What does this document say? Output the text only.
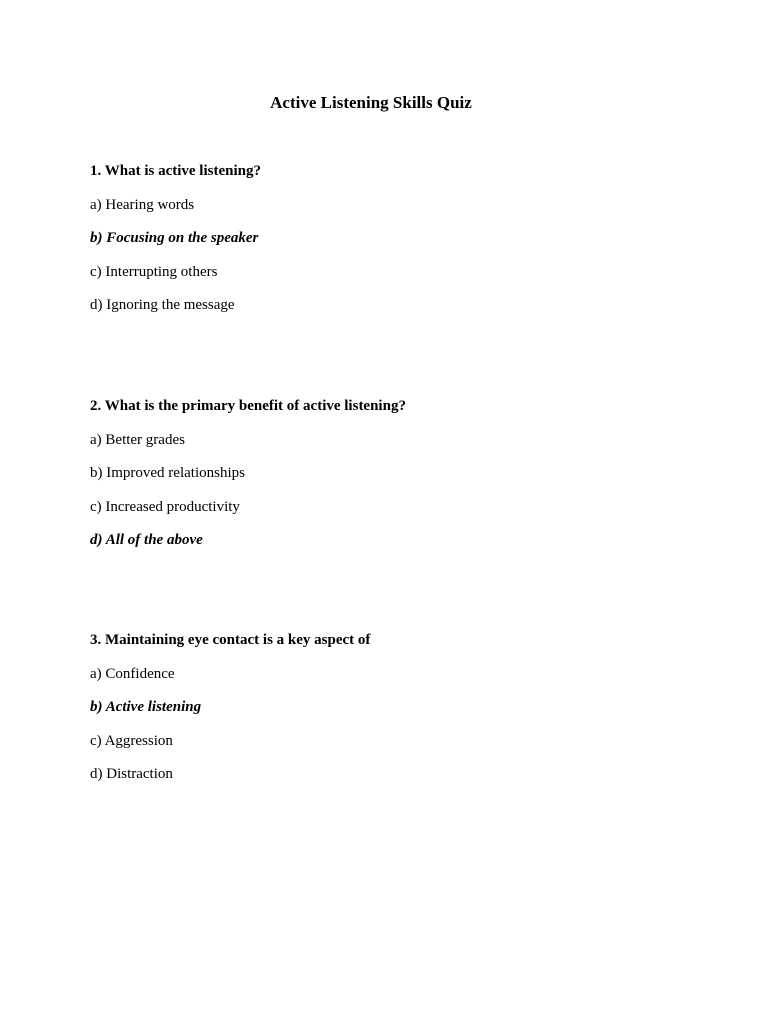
Active Listening Skills Quiz
1. What is active listening?
a) Hearing words
b) Focusing on the speaker
c) Interrupting others
d) Ignoring the message
2. What is the primary benefit of active listening?
a) Better grades
b) Improved relationships
c) Increased productivity
d) All of the above
3. Maintaining eye contact is a key aspect of
a) Confidence
b) Active listening
c) Aggression
d) Distraction
